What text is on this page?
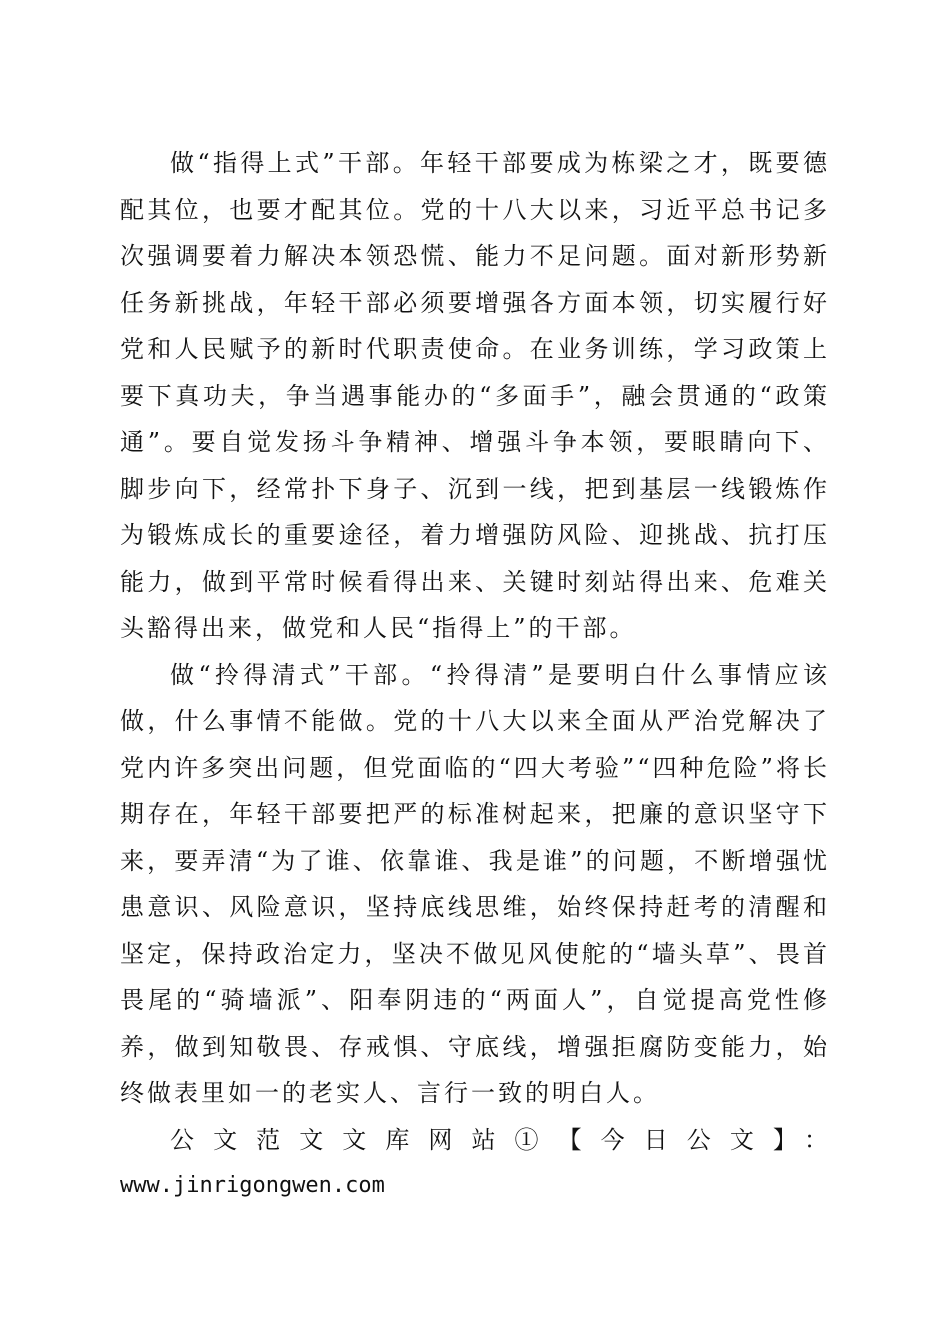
做“指得上式”干部。年轻干部要成为栋梁之才，既要德配其位，也要才配其位。党的十八大以来，习近平总书记多次强调要着力解决本领恐慌、能力不足问题。面对新形势新任务新挑战，年轻干部必须要增强各方面本领，切实履行好党和人民赋予的新时代职责使命。在业务训练，学习政策上要下真功夫，争当遇事能办的“多面手”，融会贯通的“政策通”。要自觉发扬斗争精神、增强斗争本领，要眼睛向下、脚步向下，经常扑下身子、沉到一线，把到基层一线锻炼作为锻炼成长的重要途径，着力增强防风险、迎挑战、抗打压能力，做到平常时候看得出来、关键时刻站得出来、危难关头豁得出来，做党和人民“指得上”的干部。

做“拎得清式”干部。“拎得清”是要明白什么事情应该做，什么事情不能做。党的十八大以来全面从严治党解决了党内许多突出问题，但党面临的“四大考验”“四种危险”将长期存在，年轻干部要把严的标准树起来，把廉的意识坚守下来，要弄清“为了谁、依靠谁、我是谁”的问题，不断增强忧患意识、风险意识，坚持底线思维，始终保持赶考的清醒和坚定，保持政治定力，坚决不做见风使舵的“墙头草”、畏首畏尾的“骑墙派”、阳奉阴违的“两面人”，自觉提高党性修养，做到知敬畏、存戒惧、守底线，增强拒腐防变能力，始终做表里如一的老实人、言行一致的明白人。

公文范文文库网站①【今日公文】：
www.jinrigongwen.com
